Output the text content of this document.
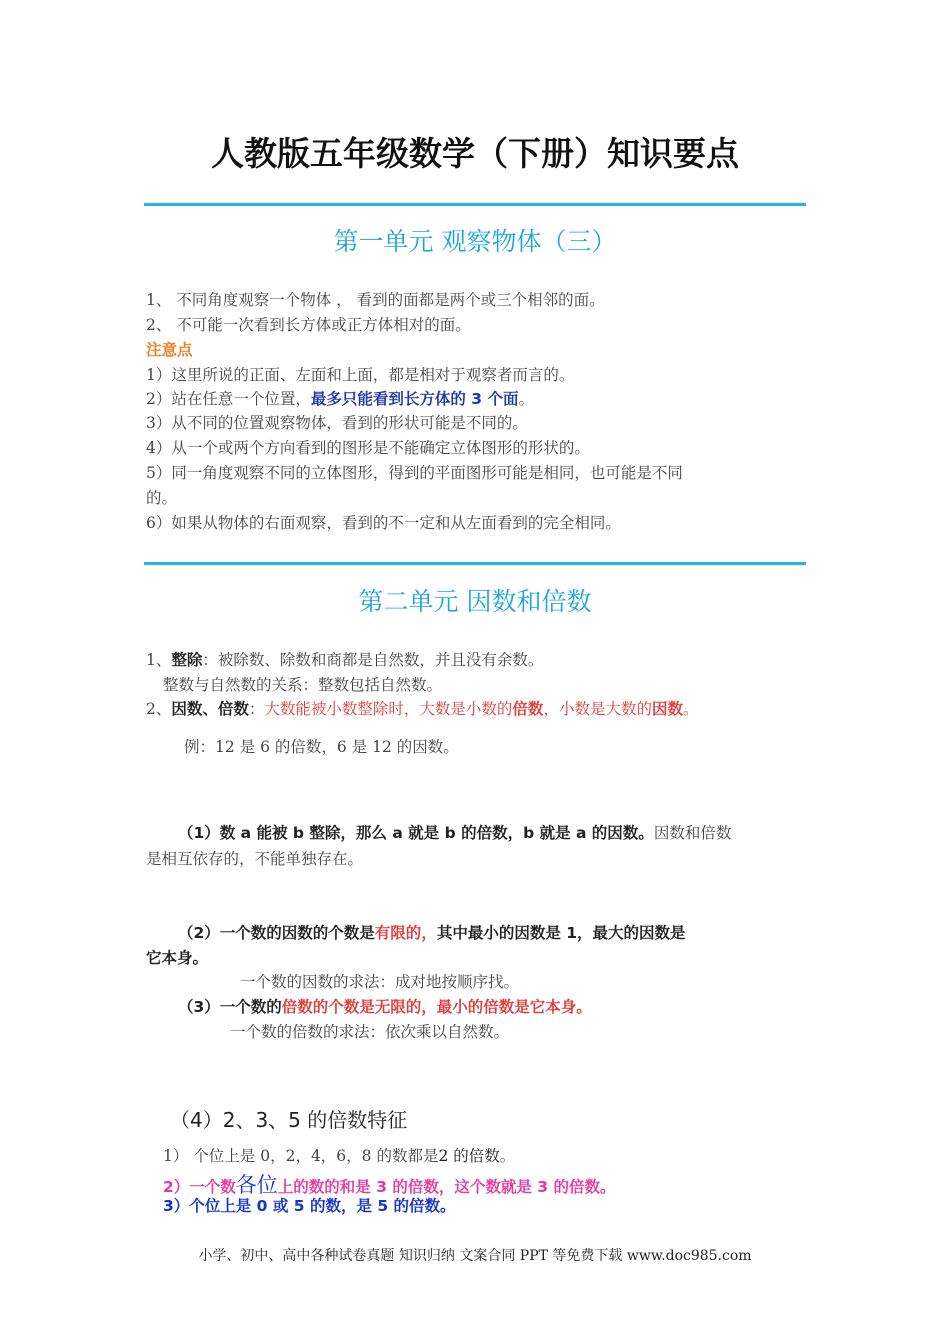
人教版五年级数学（下册）知识要点
第一单元 观察物体（三）
1、 不同角度观察一个物体 ， 看到的面都是两个或三个相邻的面。
2、 不可能一次看到长方体或正方体相对的面。
注意点
1）这里所说的正面、左面和上面，都是相对于观察者而言的。
2）站在任意一个位置，最多只能看到长方体的 3 个面。
3）从不同的位置观察物体，看到的形状可能是不同的。
4）从一个或两个方向看到的图形是不能确定立体图形的形状的。
5）同一角度观察不同的立体图形，得到的平面图形可能是相同，也可能是不同
的。
6）如果从物体的右面观察，看到的不一定和从左面看到的完全相同。
第二单元 因数和倍数
1、整除：被除数、除数和商都是自然数，并且没有余数。
整数与自然数的关系：整数包括自然数。
2、因数、倍数：大数能被小数整除时，大数是小数的倍数，小数是大数的因数。
例：12 是 6 的倍数，6 是 12 的因数。
（1）数 a 能被 b 整除，那么 a 就是 b 的倍数，b 就是 a 的因数。因数和倍数
是相互依存的，不能单独存在。
（2）一个数的因数的个数是有限的，其中最小的因数是 1，最大的因数是
它本身。
一个数的因数的求法：成对地按顺序找。
（3）一个数的倍数的个数是无限的，最小的倍数是它本身。
一个数的倍数的求法：依次乘以自然数。
（4）2、3、5 的倍数特征
1） 个位上是 0，2，4，6，8 的数都是2 的倍数。
2）一个数各位上的数的和是 3 的倍数，这个数就是 3 的倍数。
3）个位上是 0 或 5 的数，是 5 的倍数。
小学、初中、高中各种试卷真题 知识归纳 文案合同 PPT 等免费下载 www.doc985.com
